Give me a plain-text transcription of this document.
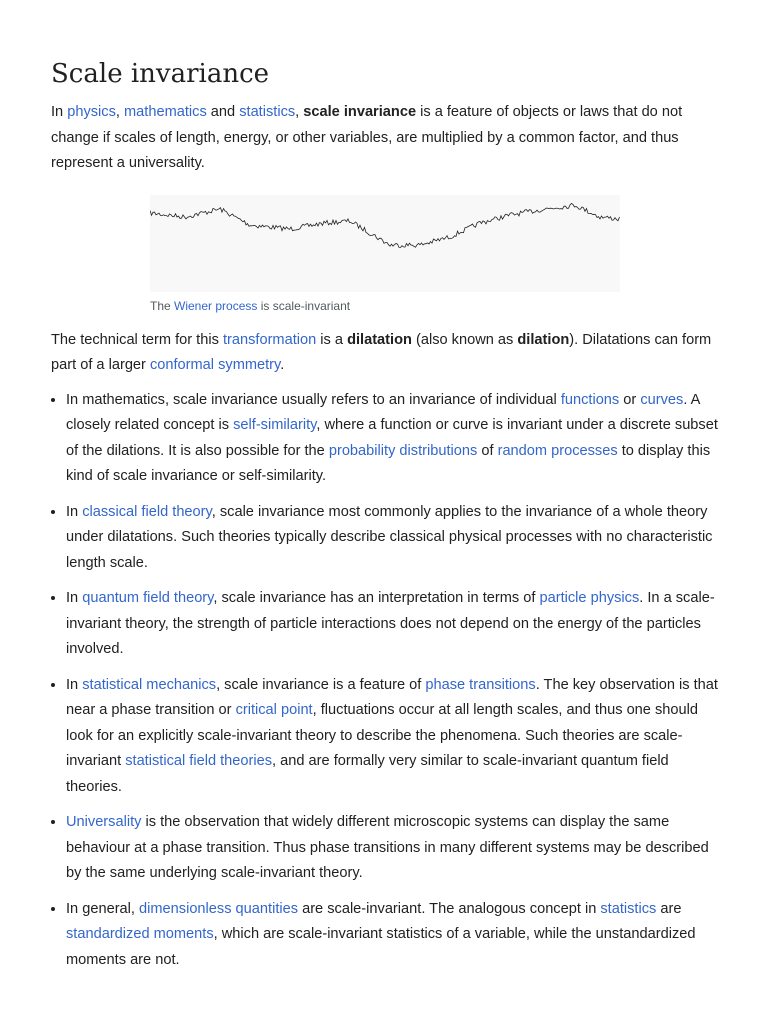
Scale invariance

In physics, mathematics and statistics, scale invariance is a feature of objects or laws that do not change if scales of length, energy, or other variables, are multiplied by a common factor, and thus represent a universality.

The Wiener process is scale-invariant

The technical term for this transformation is a dilatation (also known as dilation). Dilatations can form part of a larger conformal symmetry.

• In mathematics, scale invariance usually refers to an invariance of individual functions or curves. A closely related concept is self-similarity, where a function or curve is invariant under a discrete subset of the dilations. It is also possible for the probability distributions of random processes to display this kind of scale invariance or self-similarity.
• In classical field theory, scale invariance most commonly applies to the invariance of a whole theory under dilatations. Such theories typically describe classical physical processes with no characteristic length scale.
• In quantum field theory, scale invariance has an interpretation in terms of particle physics. In a scale-invariant theory, the strength of particle interactions does not depend on the energy of the particles involved.
• In statistical mechanics, scale invariance is a feature of phase transitions. The key observation is that near a phase transition or critical point, fluctuations occur at all length scales, and thus one should look for an explicitly scale-invariant theory to describe the phenomena. Such theories are scale-invariant statistical field theories, and are formally very similar to scale-invariant quantum field theories.
• Universality is the observation that widely different microscopic systems can display the same behaviour at a phase transition. Thus phase transitions in many different systems may be described by the same underlying scale-invariant theory.
• In general, dimensionless quantities are scale-invariant. The analogous concept in statistics are standardized moments, which are scale-invariant statistics of a variable, while the unstandardized moments are not.
